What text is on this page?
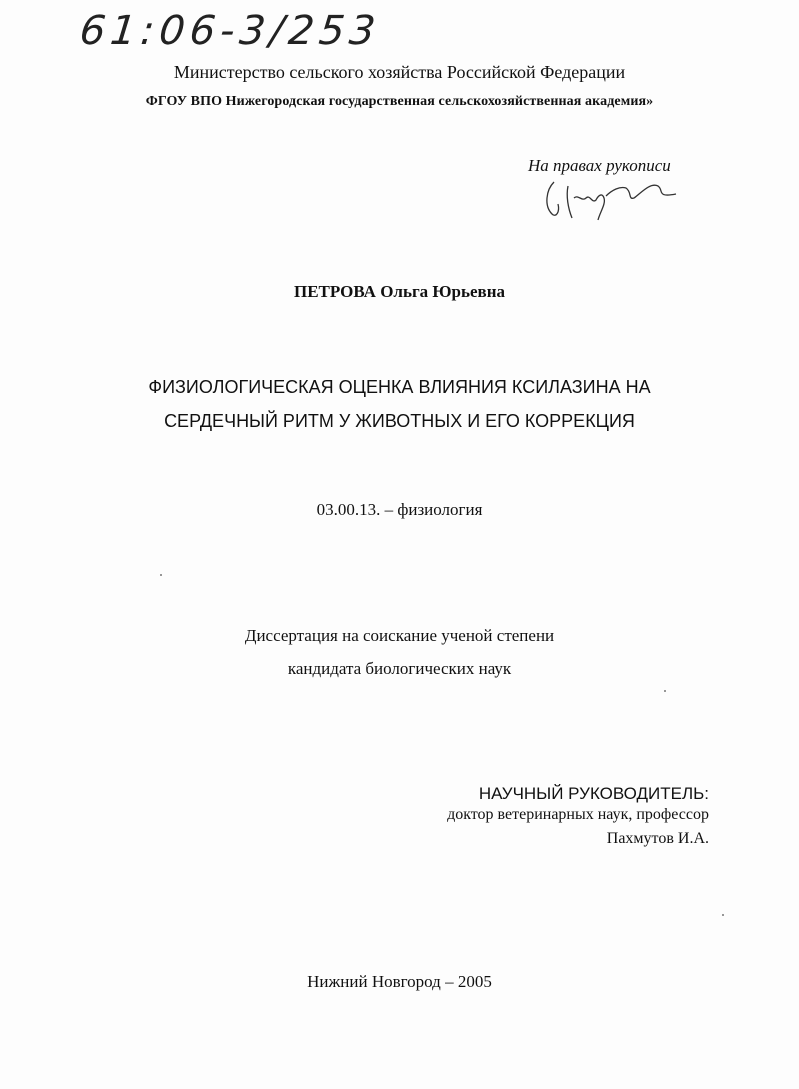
61:06-3/253
Министерство сельского хозяйства Российской Федерации
ФГОУ ВПО Нижегородская государственная сельскохозяйственная академия»
На правах рукописи
ПЕТРОВА Ольга Юрьевна
ФИЗИОЛОГИЧЕСКАЯ ОЦЕНКА ВЛИЯНИЯ КСИЛАЗИНА НА
СЕРДЕЧНЫЙ РИТМ У ЖИВОТНЫХ И ЕГО КОРРЕКЦИЯ
03.00.13. – физиология
Диссертация на соискание ученой степени
кандидата биологических наук
НАУЧНЫЙ РУКОВОДИТЕЛЬ:
доктор ветеринарных наук, профессор
Пахмутов И.А.
Нижний Новгород – 2005
